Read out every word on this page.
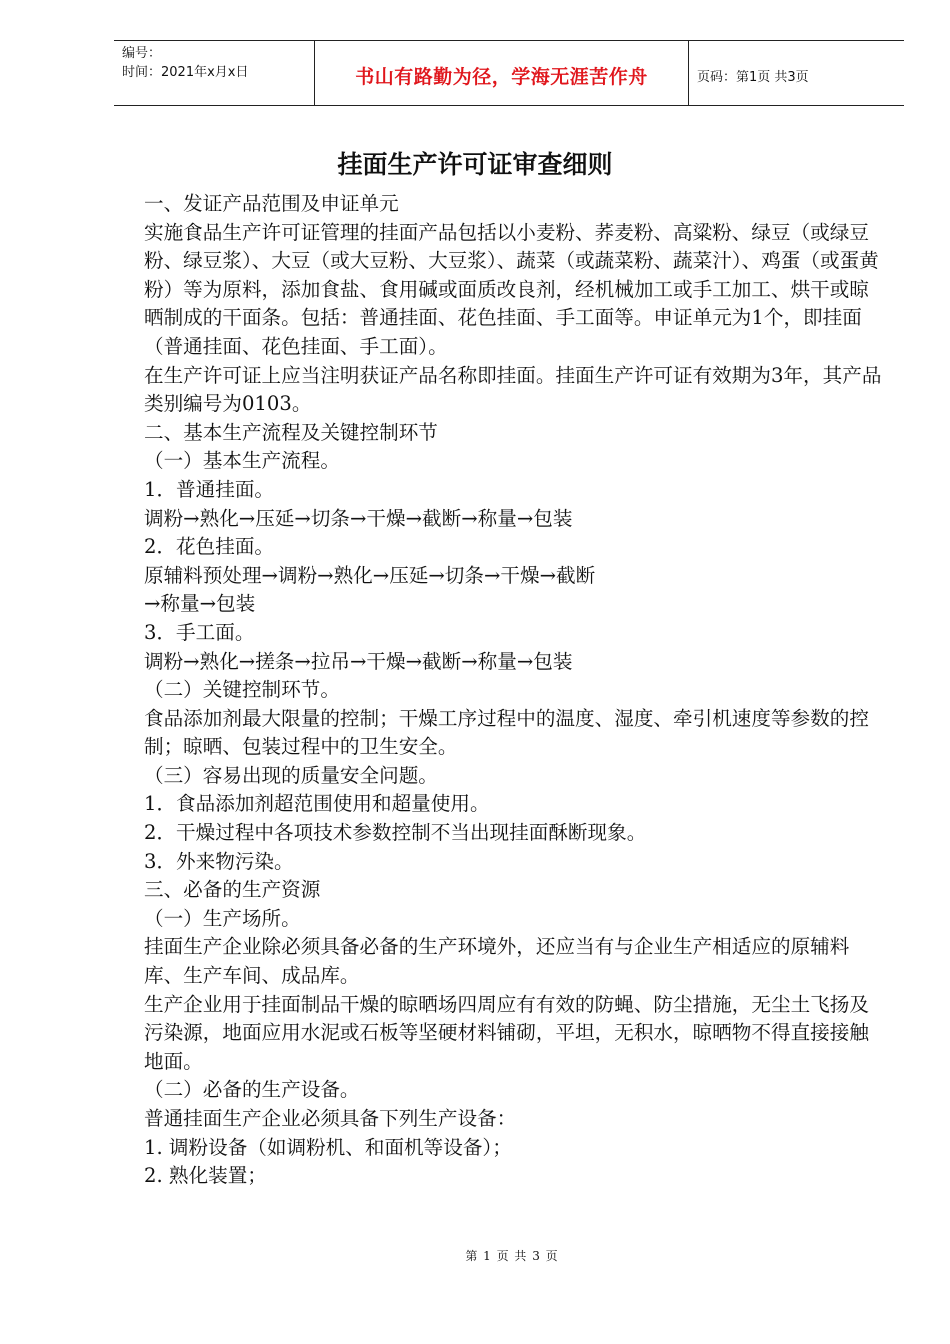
编号：
时间：2021年x月x日	书山有路勤为径，学海无涯苦作舟	页码：第1页 共3页
挂面生产许可证审查细则

一、发证产品范围及申证单元

实施食品生产许可证管理的挂面产品包括以小麦粉、荞麦粉、高粱粉、绿豆（或绿豆粉、绿豆浆）、大豆（或大豆粉、大豆浆）、蔬菜（或蔬菜粉、蔬菜汁）、鸡蛋（或蛋黄粉）等为原料，添加食盐、食用碱或面质改良剂，经机械加工或手工加工、烘干或晾晒制成的干面条。包括：普通挂面、花色挂面、手工面等。申证单元为1个，即挂面（普通挂面、花色挂面、手工面）。

在生产许可证上应当注明获证产品名称即挂面。挂面生产许可证有效期为3年，其产品类别编号为0103。

二、基本生产流程及关键控制环节

（一）基本生产流程。

1．普通挂面。

调粉→熟化→压延→切条→干燥→截断→称量→包装

2．花色挂面。

原辅料预处理→调粉→熟化→压延→切条→干燥→截断
→称量→包装

3．手工面。

调粉→熟化→搓条→拉吊→干燥→截断→称量→包装

（二）关键控制环节。

食品添加剂最大限量的控制；干燥工序过程中的温度、湿度、牵引机速度等参数的控制；晾晒、包装过程中的卫生安全。

（三）容易出现的质量安全问题。

1．食品添加剂超范围使用和超量使用。

2．干燥过程中各项技术参数控制不当出现挂面酥断现象。

3．外来物污染。

三、必备的生产资源

（一）生产场所。

挂面生产企业除必须具备必备的生产环境外，还应当有与企业生产相适应的原辅料库、生产车间、成品库。

生产企业用于挂面制品干燥的晾晒场四周应有有效的防蝇、防尘措施，无尘土飞扬及污染源，地面应用水泥或石板等坚硬材料铺砌，平坦，无积水，晾晒物不得直接接触地面。

（二）必备的生产设备。

普通挂面生产企业必须具备下列生产设备：

1. 调粉设备（如调粉机、和面机等设备）；

2. 熟化装置；

第 1 页 共 3 页
